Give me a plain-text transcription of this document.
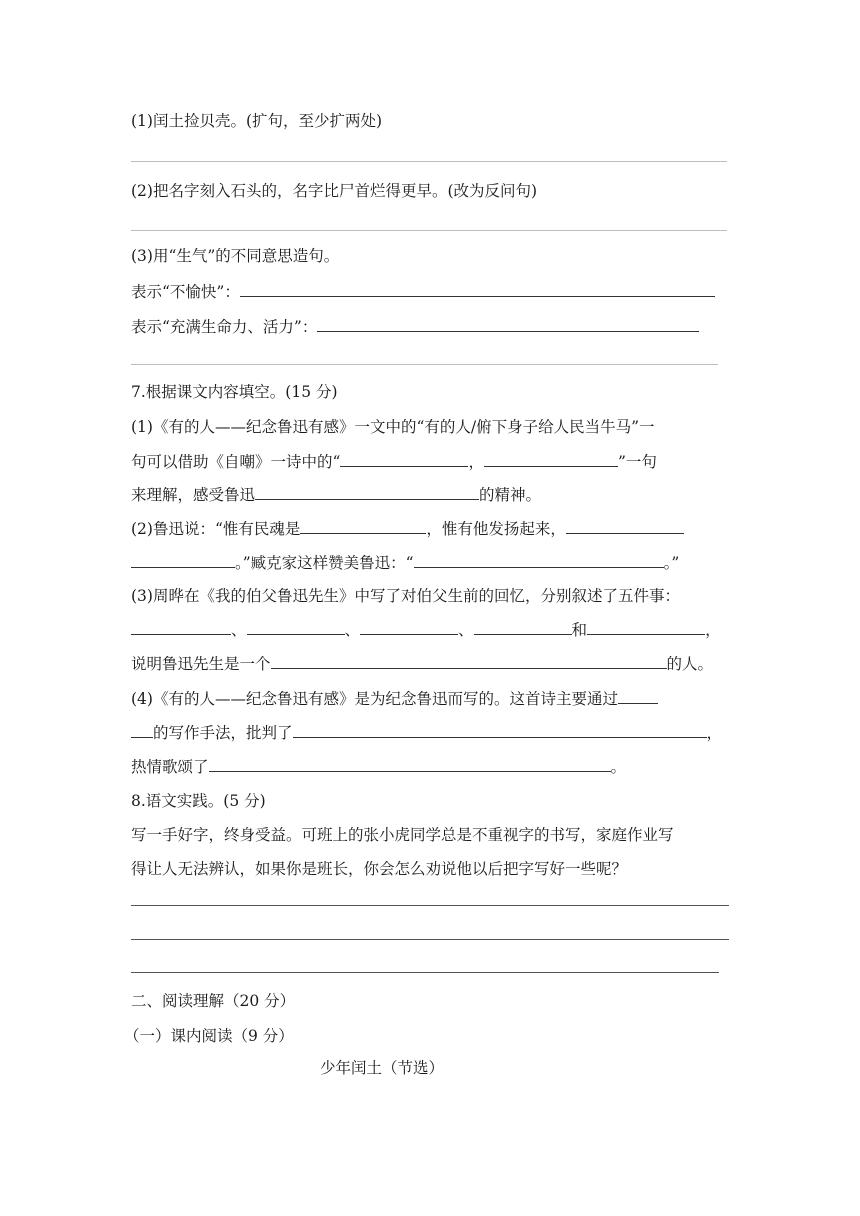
(1)闰土捡贝壳。(扩句，至少扩两处)
(2)把名字刻入石头的，名字比尸首烂得更早。(改为反问句)
(3)用“生气”的不同意思造句。
表示“不愉快”：
表示“充满生命力、活力”：
7.根据课文内容填空。(15 分)
(1)《有的人——纪念鲁迅有感》一文中的“有的人/俯下身子给人民当牛马”一
句可以借助《自嘲》一诗中的“	，	”一句
来理解，感受鲁迅	的精神。
(2)鲁迅说：“惟有民魂是	，惟有他发扬起来，
。”臧克家这样赞美鲁迅：“	。”
(3)周晔在《我的伯父鲁迅先生》中写了对伯父生前的回忆，分别叙述了五件事：
、	、	、	和	，
说明鲁迅先生是一个	的人。
(4)《有的人——纪念鲁迅有感》是为纪念鲁迅而写的。这首诗主要通过
的写作手法，批判了	，
热情歌颂了	。
8.语文实践。(5 分)
写一手好字，终身受益。可班上的张小虎同学总是不重视字的书写，家庭作业写
得让人无法辨认，如果你是班长，你会怎么劝说他以后把字写好一些呢？
二、阅读理解（20 分）
（一）课内阅读（9 分）
少年闰土（节选）
